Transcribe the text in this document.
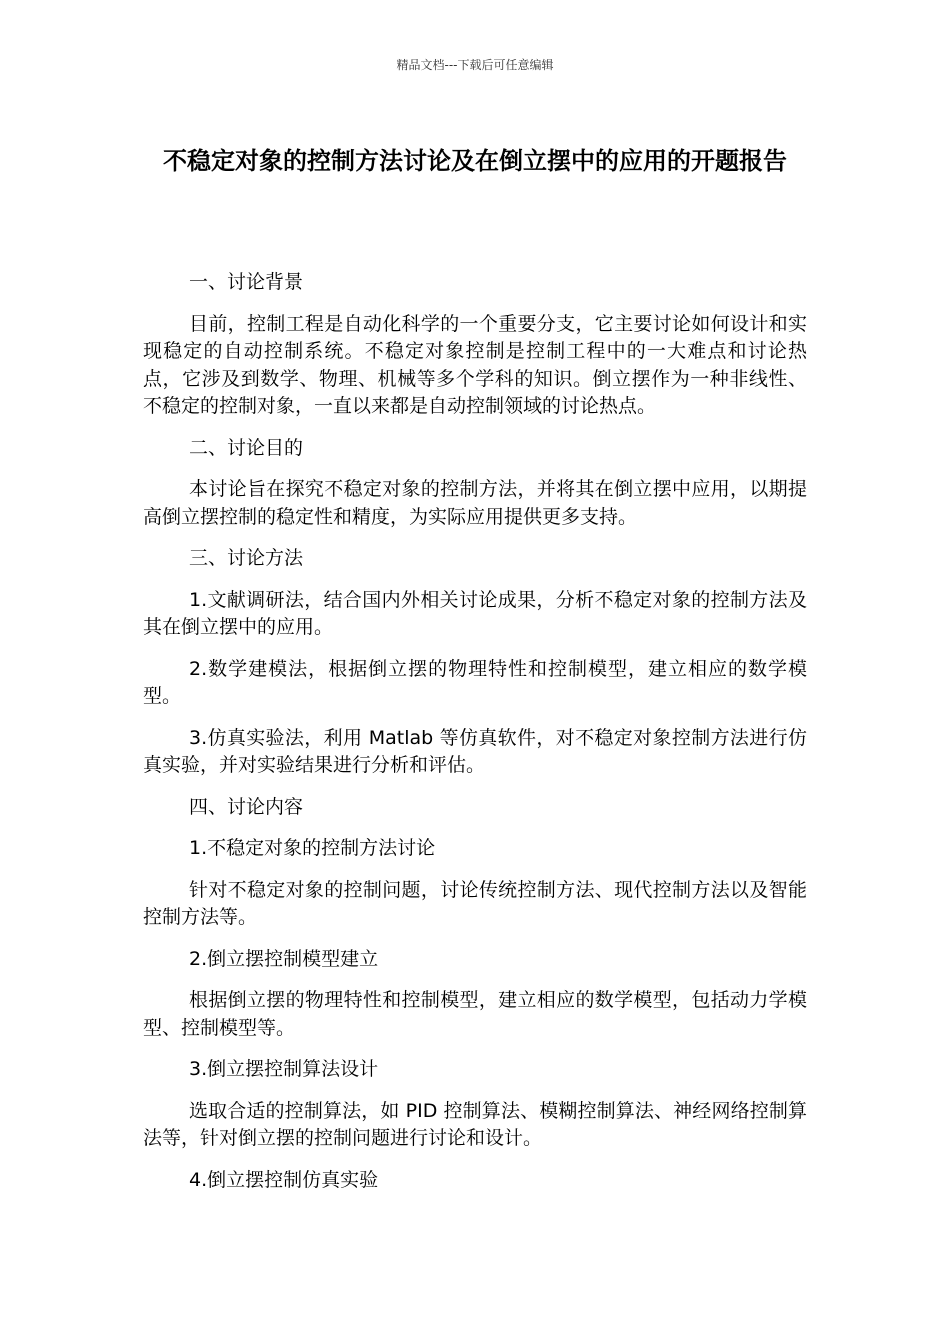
精品文档---下载后可任意编辑
不稳定对象的控制方法讨论及在倒立摆中的应用的开题报告

一、讨论背景

目前，控制工程是自动化科学的一个重要分支，它主要讨论如何设计和实现稳定的自动控制系统。不稳定对象控制是控制工程中的一大难点和讨论热点，它涉及到数学、物理、机械等多个学科的知识。倒立摆作为一种非线性、不稳定的控制对象，一直以来都是自动控制领域的讨论热点。

二、讨论目的

本讨论旨在探究不稳定对象的控制方法，并将其在倒立摆中应用，以期提高倒立摆控制的稳定性和精度，为实际应用提供更多支持。

三、讨论方法

1.文献调研法，结合国内外相关讨论成果，分析不稳定对象的控制方法及其在倒立摆中的应用。

2.数学建模法，根据倒立摆的物理特性和控制模型，建立相应的数学模型。

3.仿真实验法，利用 Matlab 等仿真软件，对不稳定对象控制方法进行仿真实验，并对实验结果进行分析和评估。

四、讨论内容

1.不稳定对象的控制方法讨论

针对不稳定对象的控制问题，讨论传统控制方法、现代控制方法以及智能控制方法等。

2.倒立摆控制模型建立

根据倒立摆的物理特性和控制模型，建立相应的数学模型，包括动力学模型、控制模型等。

3.倒立摆控制算法设计

选取合适的控制算法，如 PID 控制算法、模糊控制算法、神经网络控制算法等，针对倒立摆的控制问题进行讨论和设计。

4.倒立摆控制仿真实验
